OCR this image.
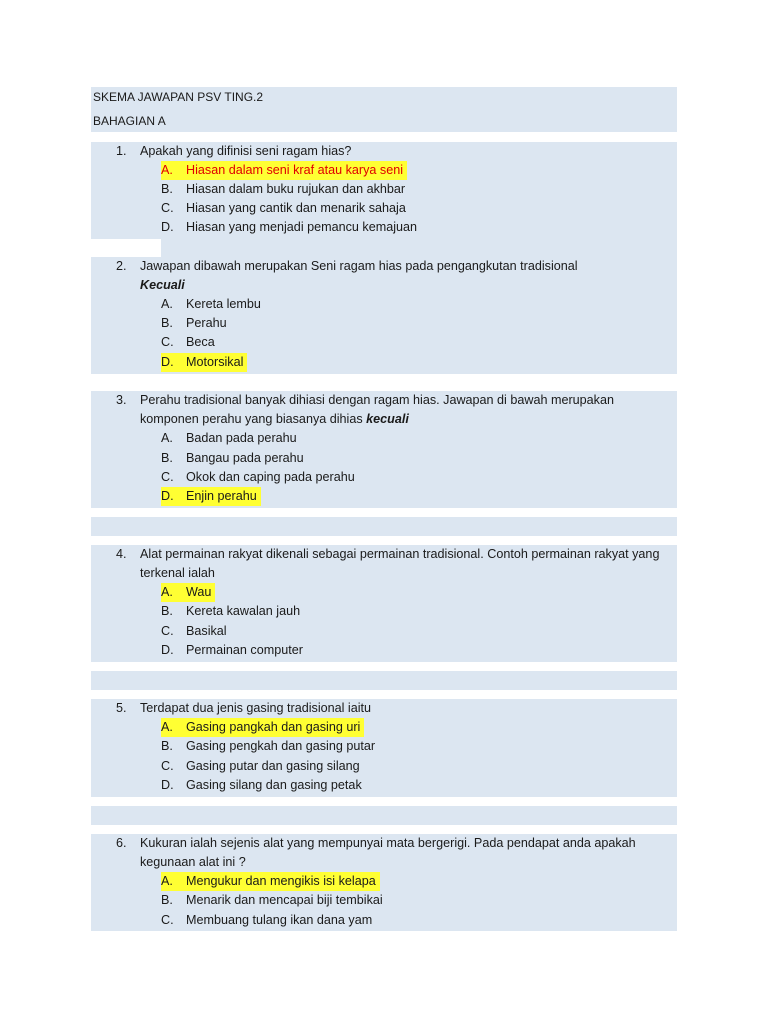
SKEMA JAWAPAN PSV TING.2
BAHAGIAN A
1. Apakah yang difinisi seni ragam hias?
A. Hiasan dalam seni kraf atau karya seni
B. Hiasan dalam buku rujukan dan akhbar
C. Hiasan yang cantik dan menarik sahaja
D. Hiasan yang menjadi pemancu kemajuan
2. Jawapan dibawah merupakan Seni ragam hias pada pengangkutan tradisional
Kecuali
A. Kereta lembu
B. Perahu
C. Beca
D. Motorsikal
3. Perahu tradisional banyak dihiasi dengan ragam hias. Jawapan di bawah merupakan komponen perahu yang biasanya dihias kecuali
A. Badan pada perahu
B. Bangau pada perahu
C. Okok dan caping pada perahu
D. Enjin perahu
4. Alat permainan rakyat dikenali sebagai permainan tradisional. Contoh permainan rakyat yang terkenal ialah
A. Wau
B. Kereta kawalan jauh
C. Basikal
D. Permainan computer
5. Terdapat dua jenis gasing tradisional iaitu
A. Gasing pangkah dan gasing uri
B. Gasing pengkah dan gasing putar
C. Gasing putar dan gasing silang
D. Gasing silang dan gasing petak
6. Kukuran ialah sejenis alat yang mempunyai mata bergerigi. Pada pendapat anda apakah kegunaan alat ini ?
A. Mengukur dan mengikis isi kelapa
B. Menarik dan mencapai biji tembikai
C. Membuang tulang ikan dana yam
